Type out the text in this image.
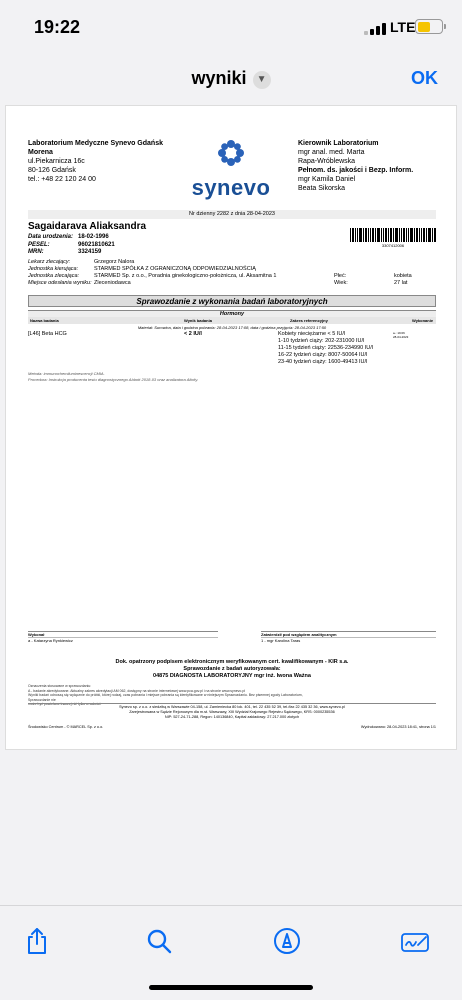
19:22	LTE
wyniki ▼	OK
Laboratorium Medyczne Synevo Gdańsk
Morena
ul.Piekarnicza 16c
80-126 Gdańsk
tel.: +48 22 120 24 00	synevo
Kierownik Laboratorium
mgr anal. med. Marta
Rapa-Wróblewska
Pełnom. ds. jakości i Bezp. Inform.
mgr Kamila Daniel
Beata Sikorska
Nr dzienny 2282 z dnia 28-04-2023
Sagaidarava Aliaksandra
Data urodzenia: 18-02-1996
PESEL:	96021810621
MRN:	3324159
3307412006
Lekarz zlecający:	Grzegorz Nalora
Jednostka kierująca:	STARMED SPÓŁKA Z OGRANICZONĄ ODPOWIEDZIALNOŚCIĄ
Jednostka zlecająca:	STARMED Sp. z o.o., Poradnia ginekologiczno-położnicza, ul. Aksamitna 1	Płeć:	kobieta
Miejsce odesłania wyniku: Zleceniodawca	Wiek:	27 lat
Sprawozdanie z wykonania badań laboratoryjnych
Hormony
Nazwa badania	Wynik badania	Zakres referencyjny	Wykonanie
Materiał: Surowica, data i godzina pobrania: 28-04-2023 17:08, data i godzina przyjęcia: 28-04-2023 17:50
[L46] Beta HCG	< 2 IU/l	Kobiety nieciężarne < 5 IU/l
1-10 tydzień ciąży: 202-231000 IU/l
11-15 tydzień ciąży: 22536-234990 IU/l
16-22 tydzień ciąży: 8007-50064 IU/l
23-40 tydzień ciąży: 1600-49413 IU/l
a-: 19:06
28-04-2023
Metoda: immunochemiluminescencji CMIA.
Procedura: Instrukcja producenta testu diagnostycznego Abbott 2018-03 oraz analizatora Alinity.
Wykonał
a - Katarzyna Rynkiewicz
Zatwierdził pod względem analitycznym
1 - mgr Karolina Taras
Dok. opatrzony podpisem elektronicznym weryfikowanym cert. kwalifikowanym - KIR s.a.
Sprawozdanie z badań autoryzowała:
04875 DIAGNOSTA LABORATORYJNY mgr inż. Iwona Ważna
Oznaczenia stosowane w sprawozdaniu:
A - badanie akredytowane. Aktualny zakres akredytacji AM 062, dostępny na stronie internetowej www.pca.gov.pl i na stronie www.synevo.pl
Wyniki badań odnoszą się wyłącznie do próbki, której rodzaj, czas pobrania i miejsce pobrania są identyfikowane w niniejszym Sprawozdaniu. Bez pisemnej zgody Laboratorium, Sprawozdanie nie
może być powielane inaczej niż tylko w całości.
Synevo sp. z o.o. z siedzibą w Warszawie 04-158, ul. Zamieniecka 80 lok. 401, tel. 22 435 52 39, tel./fax 22 435 32 36, www.synevo.pl
Zarejestrowana w Sądzie Rejonowym dla m.st. Warszawy, XIII Wydział Krajowego Rejestru Sądowego, KRS: 0000235536
NIP: 527-24-71-288, Regon: 140136840, Kapitał zakładowy: 27.217.000 złotych
Środowisko Centrum - © MARCEL Sp. z o.o.	Wydrukowano: 28-04-2023 18:41, strona 1/1
